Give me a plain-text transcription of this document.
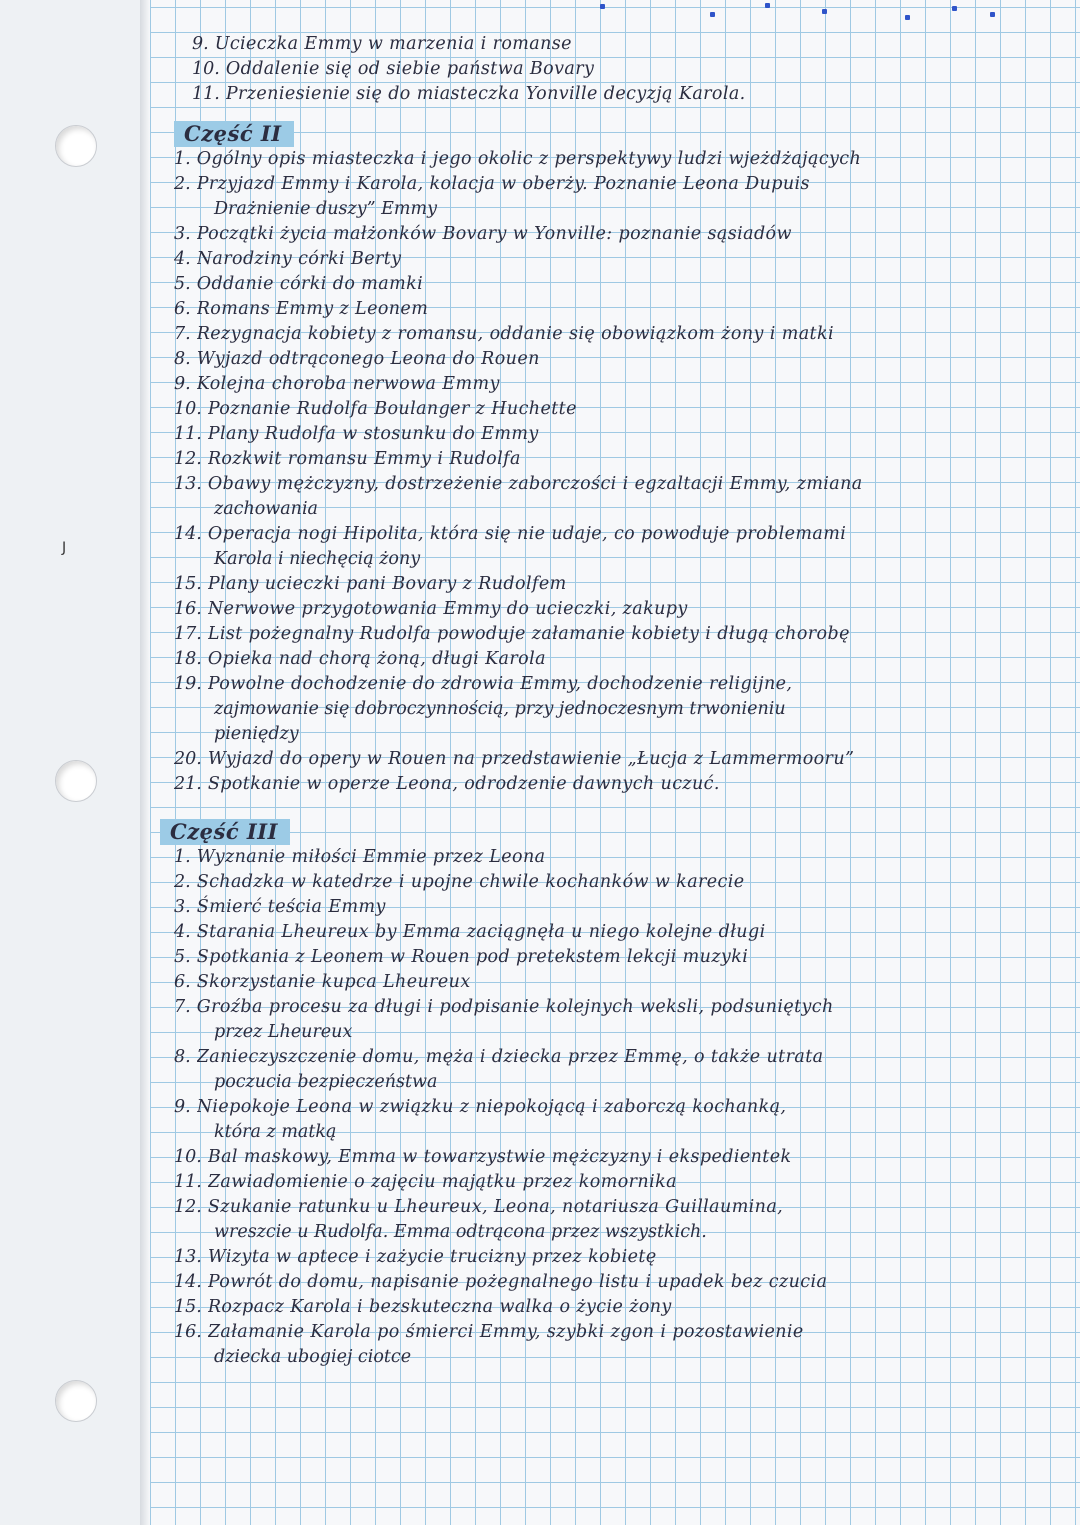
J
9. Ucieczka Emmy w marzenia i romanse
10. Oddalenie się od siebie państwa Bovary
11. Przeniesienie się do miasteczka Yonville decyzją Karola.
Część II
1. Ogólny opis miasteczka i jego okolic z perspektywy ludzi wjeżdżających
2. Przyjazd Emmy i Karola, kolacja w oberży. Poznanie Leona Dupuis
Drażnienie duszy” Emmy
3. Początki życia małżonków Bovary w Yonville: poznanie sąsiadów
4. Narodziny córki Berty
5. Oddanie córki do mamki
6. Romans Emmy z Leonem
7. Rezygnacja kobiety z romansu, oddanie się obowiązkom żony i matki
8. Wyjazd odtrąconego Leona do Rouen
9. Kolejna choroba nerwowa Emmy
10. Poznanie Rudolfa Boulanger z Huchette
11. Plany Rudolfa w stosunku do Emmy
12. Rozkwit romansu Emmy i Rudolfa
13. Obawy mężczyzny, dostrzeżenie zaborczości i egzaltacji Emmy, zmiana
zachowania
14. Operacja nogi Hipolita, która się nie udaje, co powoduje problemami
Karola i niechęcią żony
15. Plany ucieczki pani Bovary z Rudolfem
16. Nerwowe przygotowania Emmy do ucieczki, zakupy
17. List pożegnalny Rudolfa powoduje załamanie kobiety i długą chorobę
18. Opieka nad chorą żoną, długi Karola
19. Powolne dochodzenie do zdrowia Emmy, dochodzenie religijne,
zajmowanie się dobroczynnością, przy jednoczesnym trwonieniu
pieniędzy
20. Wyjazd do opery w Rouen na przedstawienie „Łucja z Lammermooru”
21. Spotkanie w operze Leona, odrodzenie dawnych uczuć.
Część III
1. Wyznanie miłości Emmie przez Leona
2. Schadzka w katedrze i upojne chwile kochanków w karecie
3. Śmierć teścia Emmy
4. Starania Lheureux by Emma zaciągnęła u niego kolejne długi
5. Spotkania z Leonem w Rouen pod pretekstem lekcji muzyki
6. Skorzystanie kupca Lheureux
7. Groźba procesu za długi i podpisanie kolejnych weksli, podsuniętych
przez Lheureux
8. Zanieczyszczenie domu, męża i dziecka przez Emmę, o także utrata
poczucia bezpieczeństwa
9. Niepokoje Leona w związku z niepokojącą i zaborczą kochanką,
która z matką
10. Bal maskowy, Emma w towarzystwie mężczyzny i ekspedientek
11. Zawiadomienie o zajęciu majątku przez komornika
12. Szukanie ratunku u Lheureux, Leona, notariusza Guillaumina,
wreszcie u Rudolfa. Emma odtrącona przez wszystkich.
13. Wizyta w aptece i zażycie trucizny przez kobietę
14. Powrót do domu, napisanie pożegnalnego listu i upadek bez czucia
15. Rozpacz Karola i bezskuteczna walka o życie żony
16. Załamanie Karola po śmierci Emmy, szybki zgon i pozostawienie
dziecka ubogiej ciotce
